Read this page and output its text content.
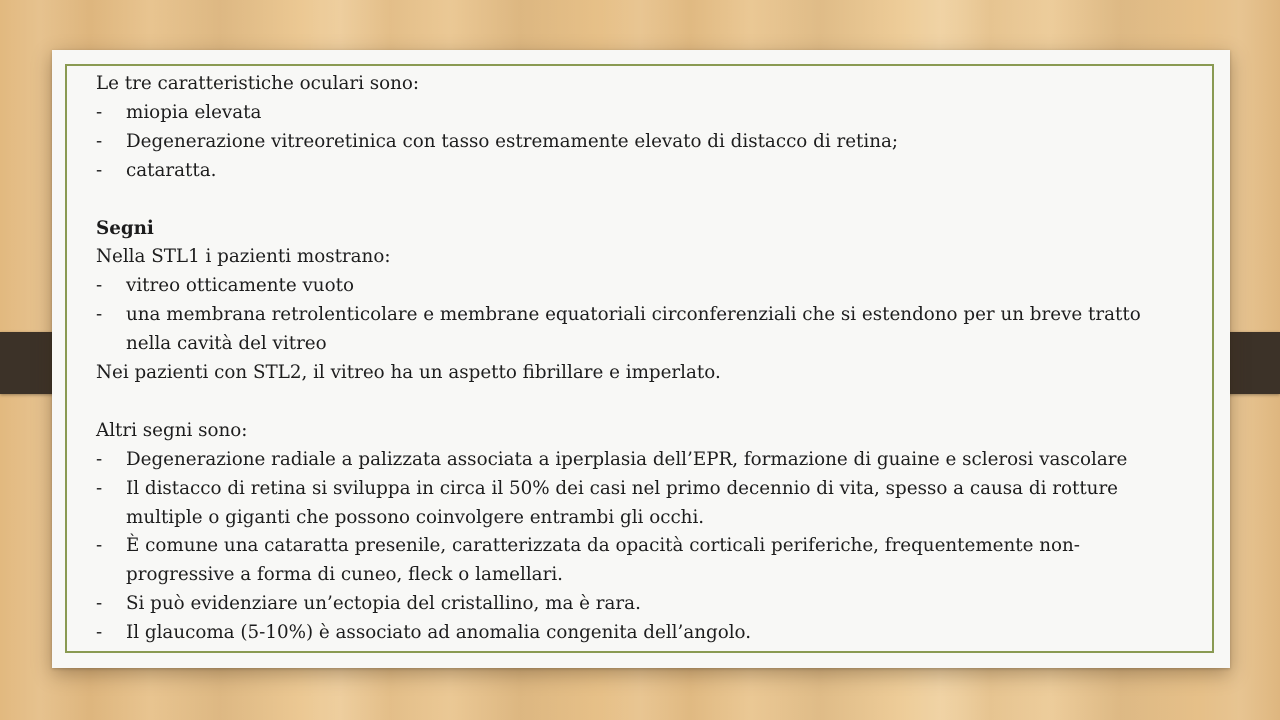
Le tre caratteristiche oculari sono:
-	miopia elevata
-	Degenerazione vitreoretinica con tasso estremamente elevato di distacco di retina;
-	cataratta.
Segni
Nella STL1 i pazienti mostrano:
-	vitreo otticamente vuoto
-	una membrana retrolenticolare e membrane equatoriali circonferenziali che si estendono per un breve tratto nella cavità del vitreo
Nei pazienti con STL2, il vitreo ha un aspetto fibrillare e imperlato.
Altri segni sono:
-	Degenerazione radiale a palizzata associata a iperplasia dell’EPR, formazione di guaine e sclerosi vascolare
-	Il distacco di retina si sviluppa in circa il 50% dei casi nel primo decennio di vita, spesso a causa di rotture multiple o giganti che possono coinvolgere entrambi gli occhi.
-	È comune una cataratta presenile, caratterizzata da opacità corticali periferiche, frequentemente non-progressive a forma di cuneo, fleck o lamellari.
-	Si può evidenziare un’ectopia del cristallino, ma è rara.
-	Il glaucoma (5-10%) è associato ad anomalia congenita dell’angolo.
